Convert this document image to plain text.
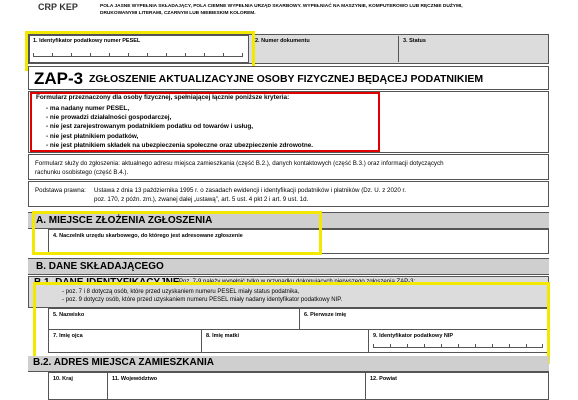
CRP KEP	POLA JASNE WYPEŁNIA SKŁADAJĄCY, POLA CIEMNE WYPEŁNIA URZĄD SKARBOWY. WYPEŁNIAĆ NA MASZYNIE, KOMPUTEROWO LUB RĘCZNIE DUŻYMI,
DRUKOWANYMI LITERAMI, CZARNYM LUB NIEBIESKIM KOLOREM.
1. Identyfikator podatkowy numer PESEL	2. Numer dokumentu	3. Status
ZAP-3 ZGŁOSZENIE AKTUALIZACYJNE OSOBY FIZYCZNEJ BĘDĄCEJ PODATNIKIEM
Formularz przeznaczony dla osoby fizycznej, spełniającej łącznie poniższe kryteria:
- ma nadany numer PESEL,
- nie prowadzi działalności gospodarczej,
- nie jest zarejestrowanym podatnikiem podatku od towarów i usług,
- nie jest płatnikiem podatków,
- nie jest płatnikiem składek na ubezpieczenia społeczne oraz ubezpieczenie zdrowotne.
Formularz służy do zgłoszenia: aktualnego adresu miejsca zamieszkania (część B.2.), danych kontaktowych (część B.3.) oraz informacji dotyczących
rachunku osobistego (część B.4.).
Podstawa prawna: Ustawa z dnia 13 października 1995 r. o zasadach ewidencji i identyfikacji podatników i płatników (Dz. U. z 2020 r.
poz. 170, z późn. zm.), zwanej dalej „ustawą”, art. 5 ust. 4 pkt 2 i art. 9 ust. 1d.
A. MIEJSCE ZŁOŻENIA ZGŁOSZENIA
4. Naczelnik urzędu skarbowego, do którego jest adresowane zgłoszenie
B. DANE SKŁADAJĄCEGO
B.1. DANE IDENTYFIKACYJNE Poz. 7-9 należy wypełnić tylko w przypadku dokonujących pierwszego zgłoszenia ZAP-3:
- poz. 7 i 8 dotyczą osób, które przed uzyskaniem numeru PESEL miały status podatnika,
- poz. 9 dotyczy osób, które przed uzyskaniem numeru PESEL miały nadany identyfikator podatkowy NIP.
5. Nazwisko	6. Pierwsze imię
7. Imię ojca	8. Imię matki	9. Identyfikator podatkowy NIP
B.2. ADRES MIEJSCA ZAMIESZKANIA
10. Kraj	11. Województwo	12. Powiat
